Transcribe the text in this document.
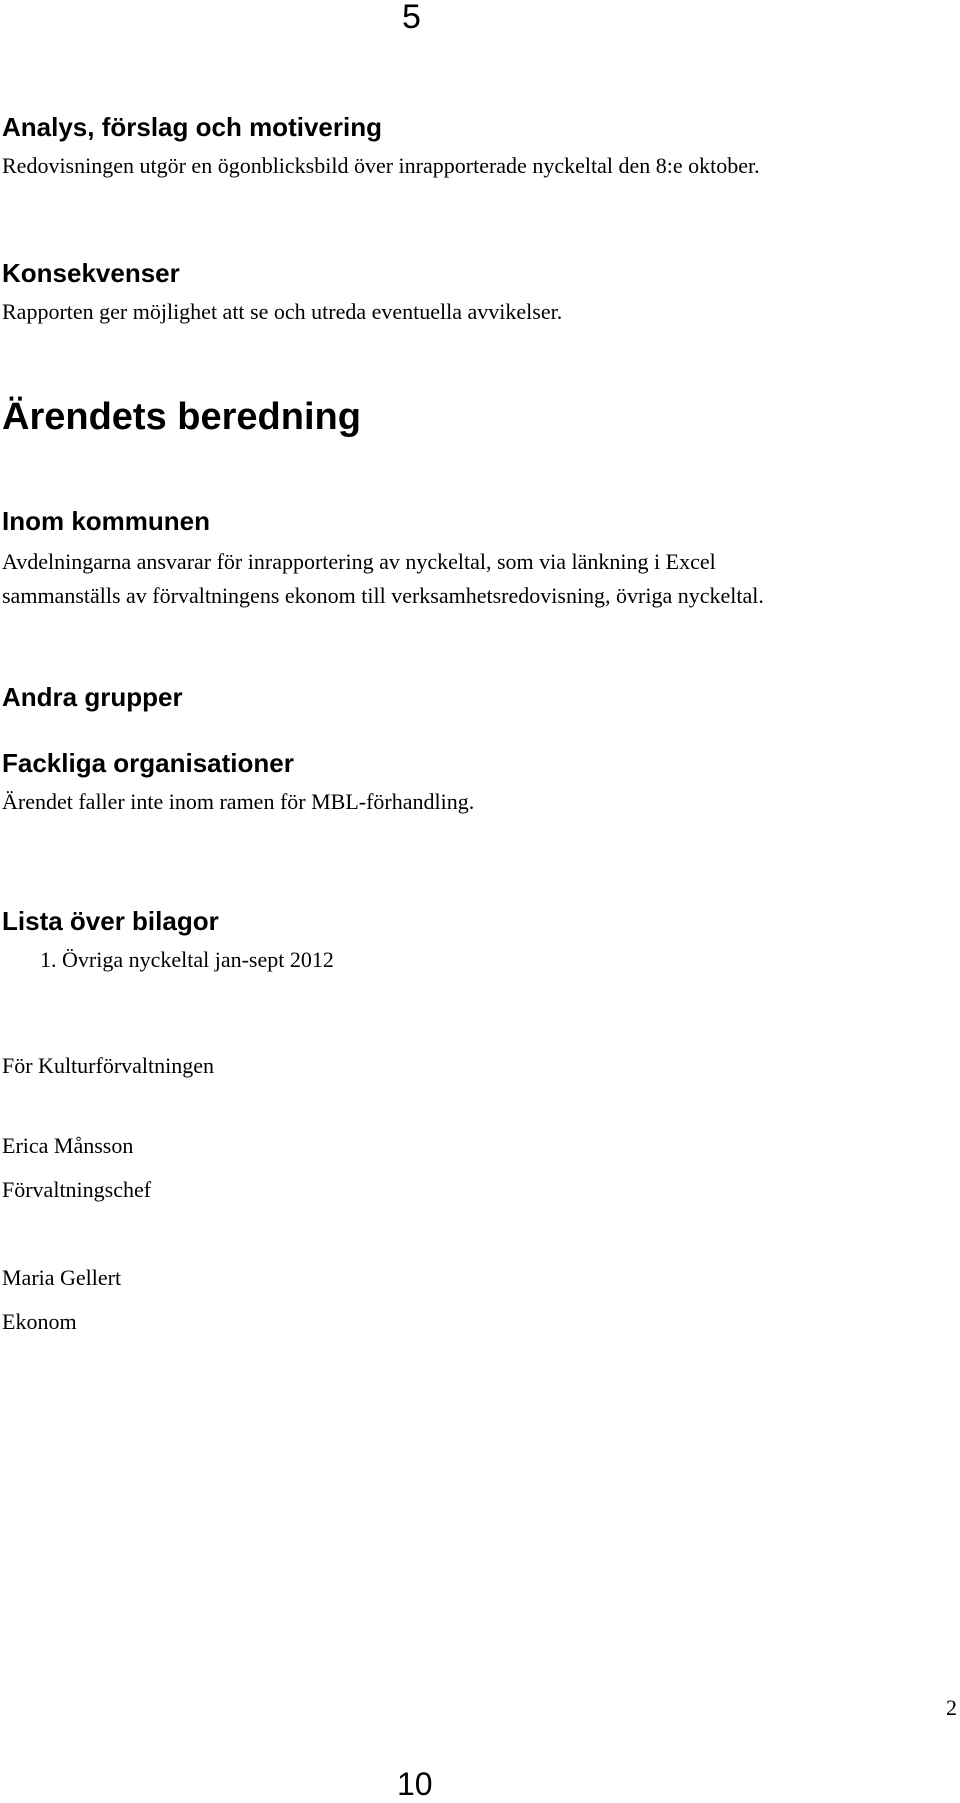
5
Analys, förslag och motivering

Redovisningen utgör en ögonblicksbild över inrapporterade nyckeltal den 8:e oktober.

Konsekvenser

Rapporten ger möjlighet att se och utreda eventuella avvikelser.

Ärendets beredning
Inom kommunen

Avdelningarna ansvarar för inrapportering av nyckeltal, som via länkning i Excel

sammanställs av förvaltningens ekonom till verksamhetsredovisning, övriga nyckeltal.

Andra grupper
Fackliga organisationer

Ärendet faller inte inom ramen för MBL-förhandling.

Lista över bilagor

1. Övriga nyckeltal jan-sept 2012

För Kulturförvaltningen

Erica Månsson

Förvaltningschef

Maria Gellert

Ekonom

2
10
